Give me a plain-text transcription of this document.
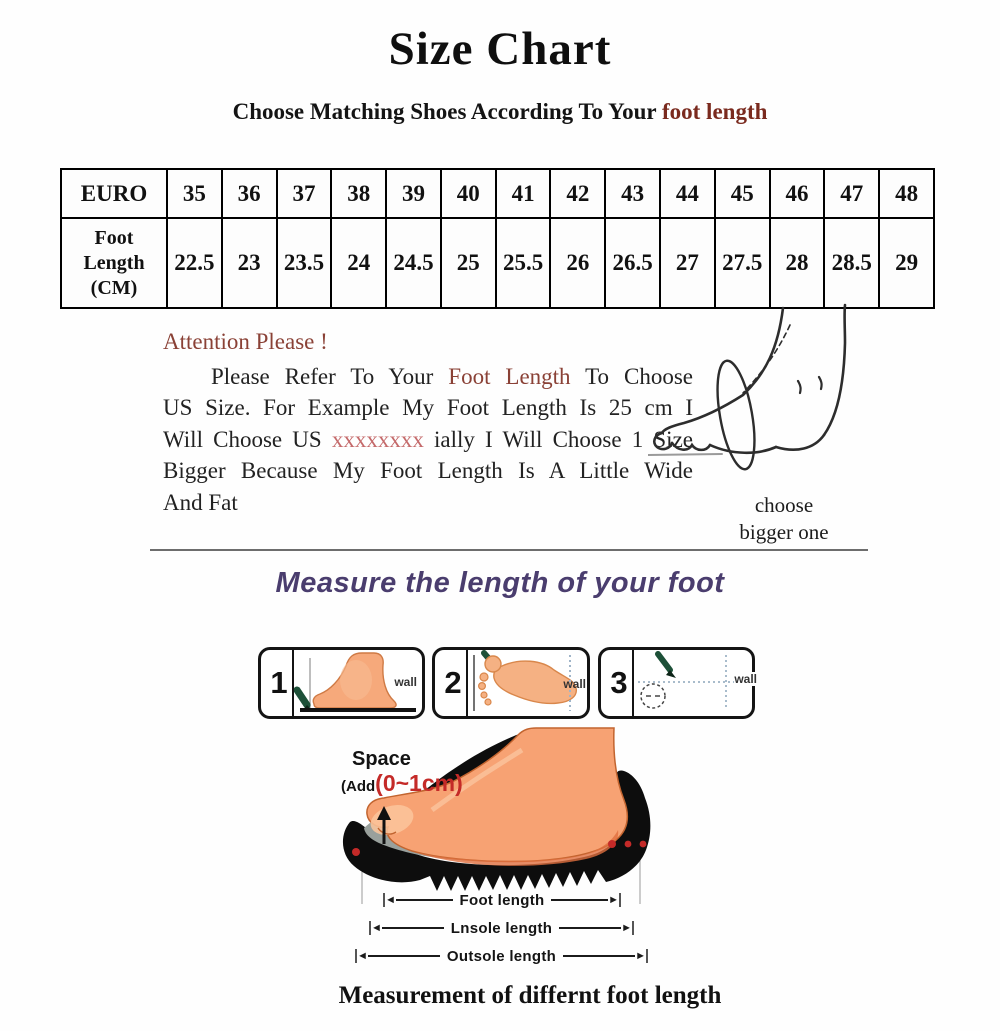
Size Chart
Choose Matching Shoes According To Your foot length
EURO	35	36	37	38	39	40	41	42	43	44	45	46	47	48

Foot
Length
(CM)	22.5	23	23.5	24	24.5	25	25.5	26	26.5	27	27.5	28	28.5	29
Attention Please !
Please Refer To Your Foot Length To Choose
US Size. For Example My Foot Length Is 25 cm I
Will Choose US xxxxxxxx ially I Will Choose 1 Size
Bigger Because My Foot Length Is A Little Wide
And Fat	choose
bigger one
Measure the length of your foot
1	wall 2	wall 3	wall
Space
(Add(0~1cm)
◄	Foot length	►
◄	Lnsole length	►
◄	Outsole length	►
Measurement of differnt foot length
